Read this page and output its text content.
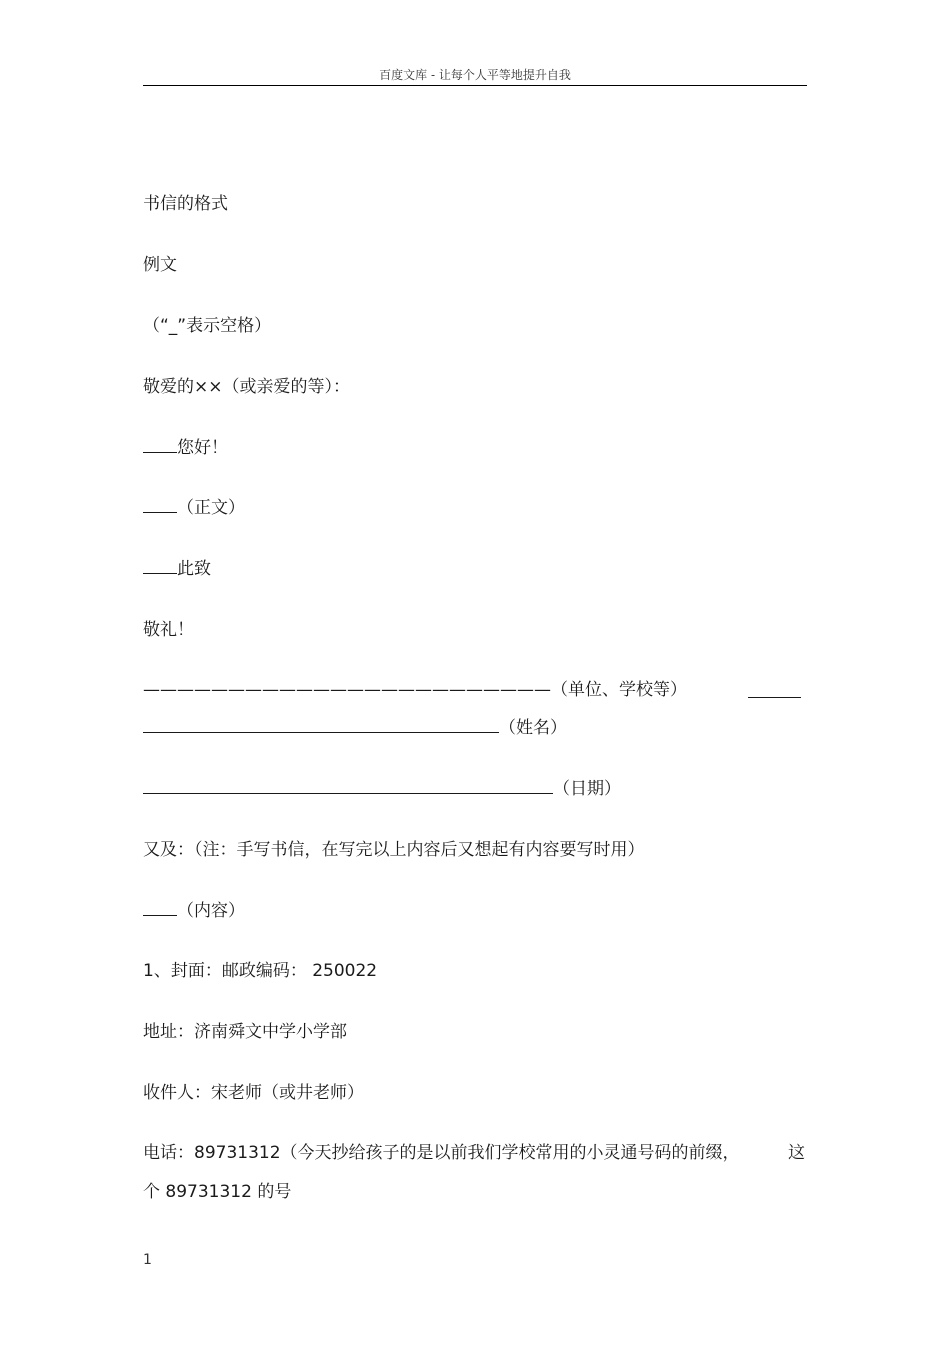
百度文库 - 让每个人平等地提升自我
书信的格式
例文
（“_”表示空格）
敬爱的××（或亲爱的等）：
您好！
（正文）
此致
敬礼！
————————————————————————（单位、学校等）
（姓名）
（日期）
又及：（注：手写书信，在写完以上内容后又想起有内容要写时用）
（内容）
1、封面：邮政编码： 250022
地址：济南舜文中学小学部
收件人：宋老师（或井老师）
电话：89731312（今天抄给孩子的是以前我们学校常用的小灵通号码的前缀，	这
个 89731312 的号
1
